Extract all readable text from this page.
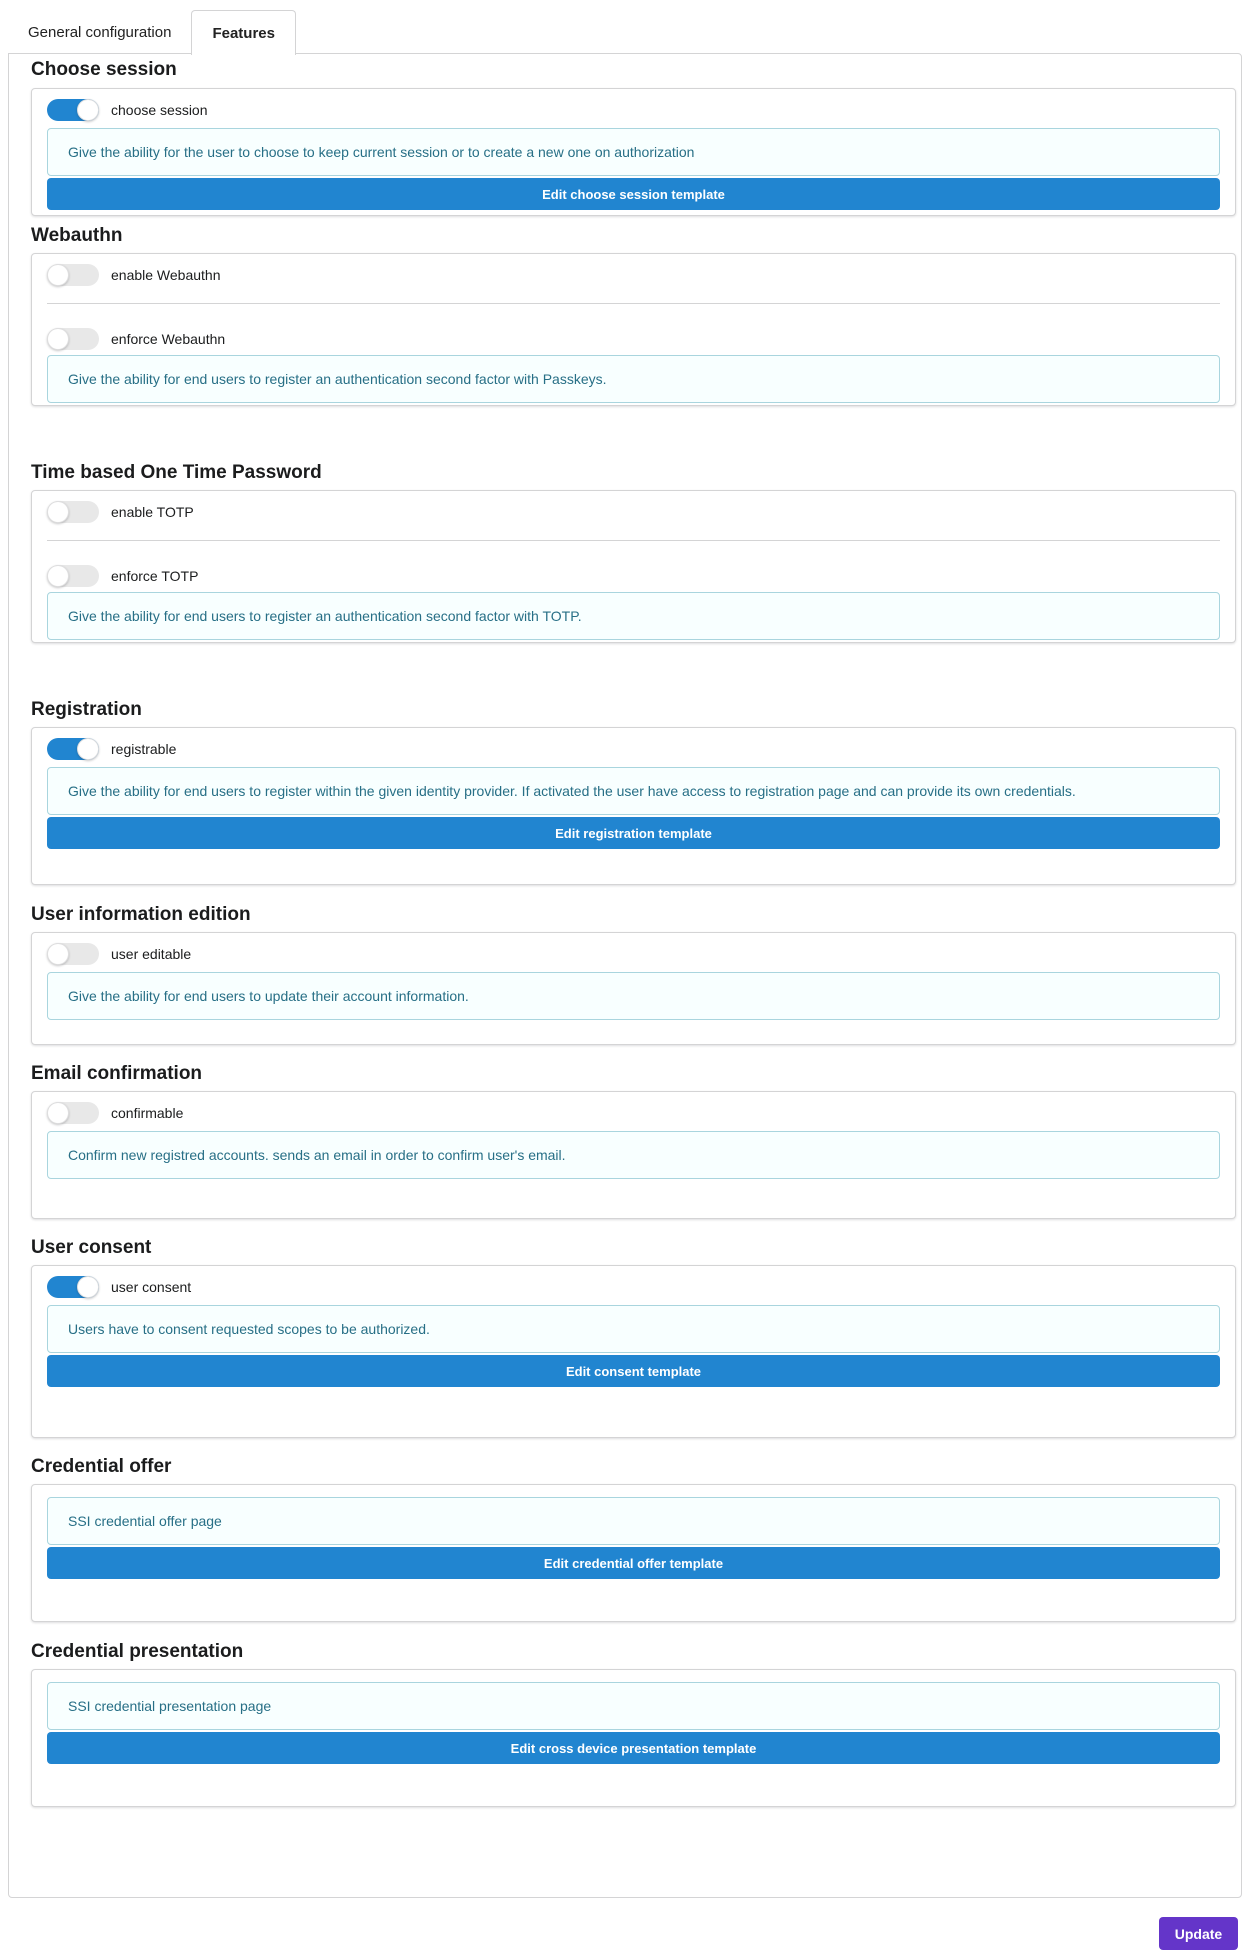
General configuration	Features
Choose session
choose session
Give the ability for the user to choose to keep current session or to create a new one on authorization
Edit choose session template
Webauthn
enable Webauthn
enforce Webauthn
Give the ability for end users to register an authentication second factor with Passkeys.
Time based One Time Password
enable TOTP
enforce TOTP
Give the ability for end users to register an authentication second factor with TOTP.
Registration
registrable
Give the ability for end users to register within the given identity provider. If activated the user have access to registration page and can provide its own credentials.
Edit registration template
User information edition
user editable
Give the ability for end users to update their account information.
Email confirmation
confirmable
Confirm new registred accounts. sends an email in order to confirm user's email.
User consent
user consent
Users have to consent requested scopes to be authorized.
Edit consent template
Credential offer
SSI credential offer page
Edit credential offer template
Credential presentation
SSI credential presentation page
Edit cross device presentation template
Update
